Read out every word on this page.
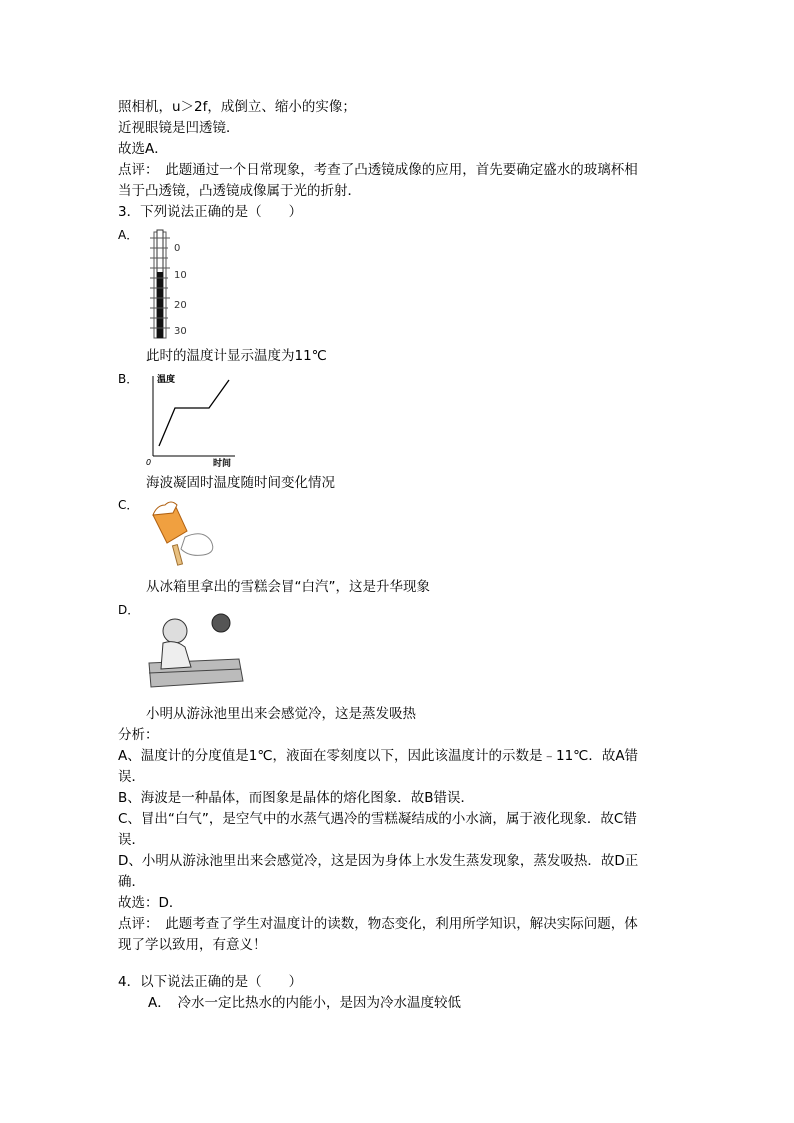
照相机，u＞2f，成倒立、缩小的实像；
近视眼镜是凹透镜．
故选A．
点评：　此题通过一个日常现象，考查了凸透镜成像的应用，首先要确定盛水的玻璃杯相
当于凸透镜，凸透镜成像属于光的折射．
3．下列说法正确的是（　　）
A．
0
10
20
30
此时的温度计显示温度为11℃
B． 温度
时间
0
海波凝固时温度随时间变化情况
C．
从冰箱里拿出的雪糕会冒“白汽”，这是升华现象
D．
小明从游泳池里出来会感觉冷，这是蒸发吸热
分析：
A、温度计的分度值是1℃，液面在零刻度以下，因此该温度计的示数是﹣11℃．故A错
误．
B、海波是一种晶体，而图象是晶体的熔化图象．故B错误．
C、冒出“白气”，是空气中的水蒸气遇冷的雪糕凝结成的小水滴，属于液化现象．故C错
误．
D、小明从游泳池里出来会感觉冷，这是因为身体上水发生蒸发现象，蒸发吸热．故D正
确．
故选：D．
点评：　此题考查了学生对温度计的读数，物态变化，利用所学知识，解决实际问题，体
现了学以致用，有意义！
4．以下说法正确的是（　　）
A．　冷水一定比热水的内能小，是因为冷水温度较低
